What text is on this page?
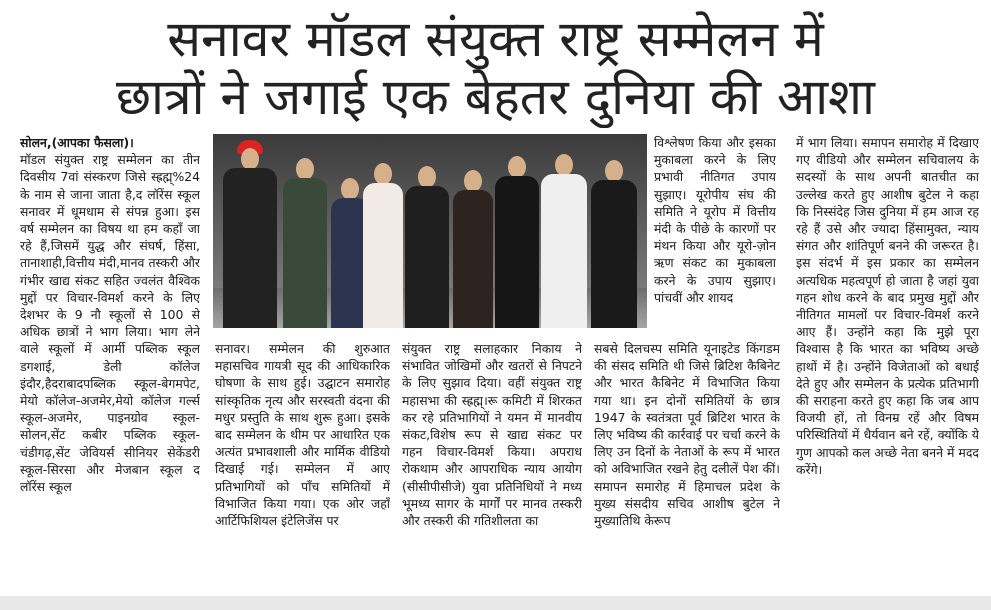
सनावर मॉडल संयुक्त राष्ट्र सम्मेलन में
छात्रों ने जगाई एक बेहतर दुनिया की आशा

सोलन,(आपका फैसला)।

मॉडल संयुक्त राष्ट्र सम्मेलन का तीन दिवसीय 7वां संस्करण जिसे स्ह्रह्म्%24 के नाम से जाना जाता है,द लॉरेंस स्कूल सनावर में धूमधाम से संपन्न हुआ। इस वर्ष सम्मेलन का विषय था हम कहाँ जा रहे हैं,जिसमें युद्ध और संघर्ष, हिंसा, तानाशाही,वित्तीय मंदी,मानव तस्करी और गंभीर खाद्य संकट सहित ज्वलंत वैश्विक मुद्दों पर विचार-विमर्श करने के लिए देशभर के 9 नौ स्कूलों से 100 से अधिक छात्रों ने भाग लिया। भाग लेने वाले स्कूलों में आर्मी पब्लिक स्कूल डगशाई, डेली कॉलेज इंदौर,हैदराबादपब्लिक स्कूल-बेगमपेट, मेयो कॉलेज-अजमेर,मेयो कॉलेज गर्ल्स स्कूल-अजमेर, पाइनग्रोव स्कूल-सोलन,सेंट कबीर पब्लिक स्कूल-चंडीगढ़,सेंट जेवियर्स सीनियर सेकेंडरी स्कूल-सिरसा और मेजबान स्कूल द लॉरेंस स्कूल

सनावर। सम्मेलन की शुरुआत महासचिव गायत्री सूद की आधिकारिक घोषणा के साथ हुई। उद्घाटन समारोह सांस्कृतिक नृत्य और सरस्वती वंदना की मधुर प्रस्तुति के साथ शुरू हुआ। इसके बाद सम्मेलन के थीम पर आधारित एक अत्यंत प्रभावशाली और मार्मिक वीडियो दिखाई गई। सम्मेलन में आए प्रतिभागियों को पाँच समितियों में विभाजित किया गया। एक ओर जहाँ आर्टिफिशियल इंटेलिजेंस पर

संयुक्त राष्ट्र सलाहकार निकाय ने संभावित जोखिमों और खतरों से निपटने के लिए सुझाव दिया। वहीं संयुक्त राष्ट्र महासभा की स्ह्रह्म्।रू कमिटी में शिरकत कर रहे प्रतिभागियों ने यमन में मानवीय संकट,विशेष रूप से खाद्य संकट पर गहन विचार-विमर्श किया। अपराध रोकथाम और आपराधिक न्याय आयोग (सीसीपीसीजे) युवा प्रतिनिधियों ने मध्य भूमध्य सागर के मार्गों पर मानव तस्करी और तस्करी की गतिशीलता का

विश्लेषण किया और इसका मुकाबला करने के लिए प्रभावी नीतिगत उपाय सुझाए। यूरोपीय संघ की समिति ने यूरोप में वित्तीय मंदी के पीछे के कारणों पर मंथन किया और यूरो-ज़ोन ऋण संकट का मुकाबला करने के उपाय सुझाए। पांचवीं और शायद

सबसे दिलचस्प समिति यूनाइटेड किंगडम की संसद समिति थी जिसे ब्रिटिश कैबिनेट और भारत कैबिनेट में विभाजित किया गया था। इन दोनों समितियों के छात्र 1947 के स्वतंत्रता पूर्व ब्रिटिश भारत के लिए भविष्य की कार्रवाई पर चर्चा करने के लिए उन दिनों के नेताओं के रूप में भारत को अविभाजित रखने हेतु दलीलें पेश कीं। समापन समारोह में हिमाचल प्रदेश के मुख्य संसदीय सचिव आशीष बुटेल ने मुख्यातिथि केरूप

में भाग लिया। समापन समारोह में दिखाए गए वीडियो और सम्मेलन सचिवालय के सदस्यों के साथ अपनी बातचीत का उल्लेख करते हुए आशीष बुटेल ने कहा कि निस्संदेह जिस दुनिया में हम आज रह रहे हैं उसे और ज्यादा हिंसामुक्त, न्याय संगत और शांतिपूर्ण बनने की जरूरत है। इस संदर्भ में इस प्रकार का सम्मेलन अत्यधिक महत्वपूर्ण हो जाता है जहां युवा गहन शोध करने के बाद प्रमुख मुद्दों और नीतिगत मामलों पर विचार-विमर्श करने आए हैं। उन्होंने कहा कि मुझे पूरा विश्वास है कि भारत का भविष्य अच्छे हाथों में है। उन्होंने विजेताओं को बधाई देते हुए और सम्मेलन के प्रत्येक प्रतिभागी की सराहना करते हुए कहा कि जब आप विजयी हों, तो विनम्र रहें और विषम परिस्थितियों में धैर्यवान बने रहें, क्योंकि ये गुण आपको कल अच्छे नेता बनने में मदद करेंगे।
